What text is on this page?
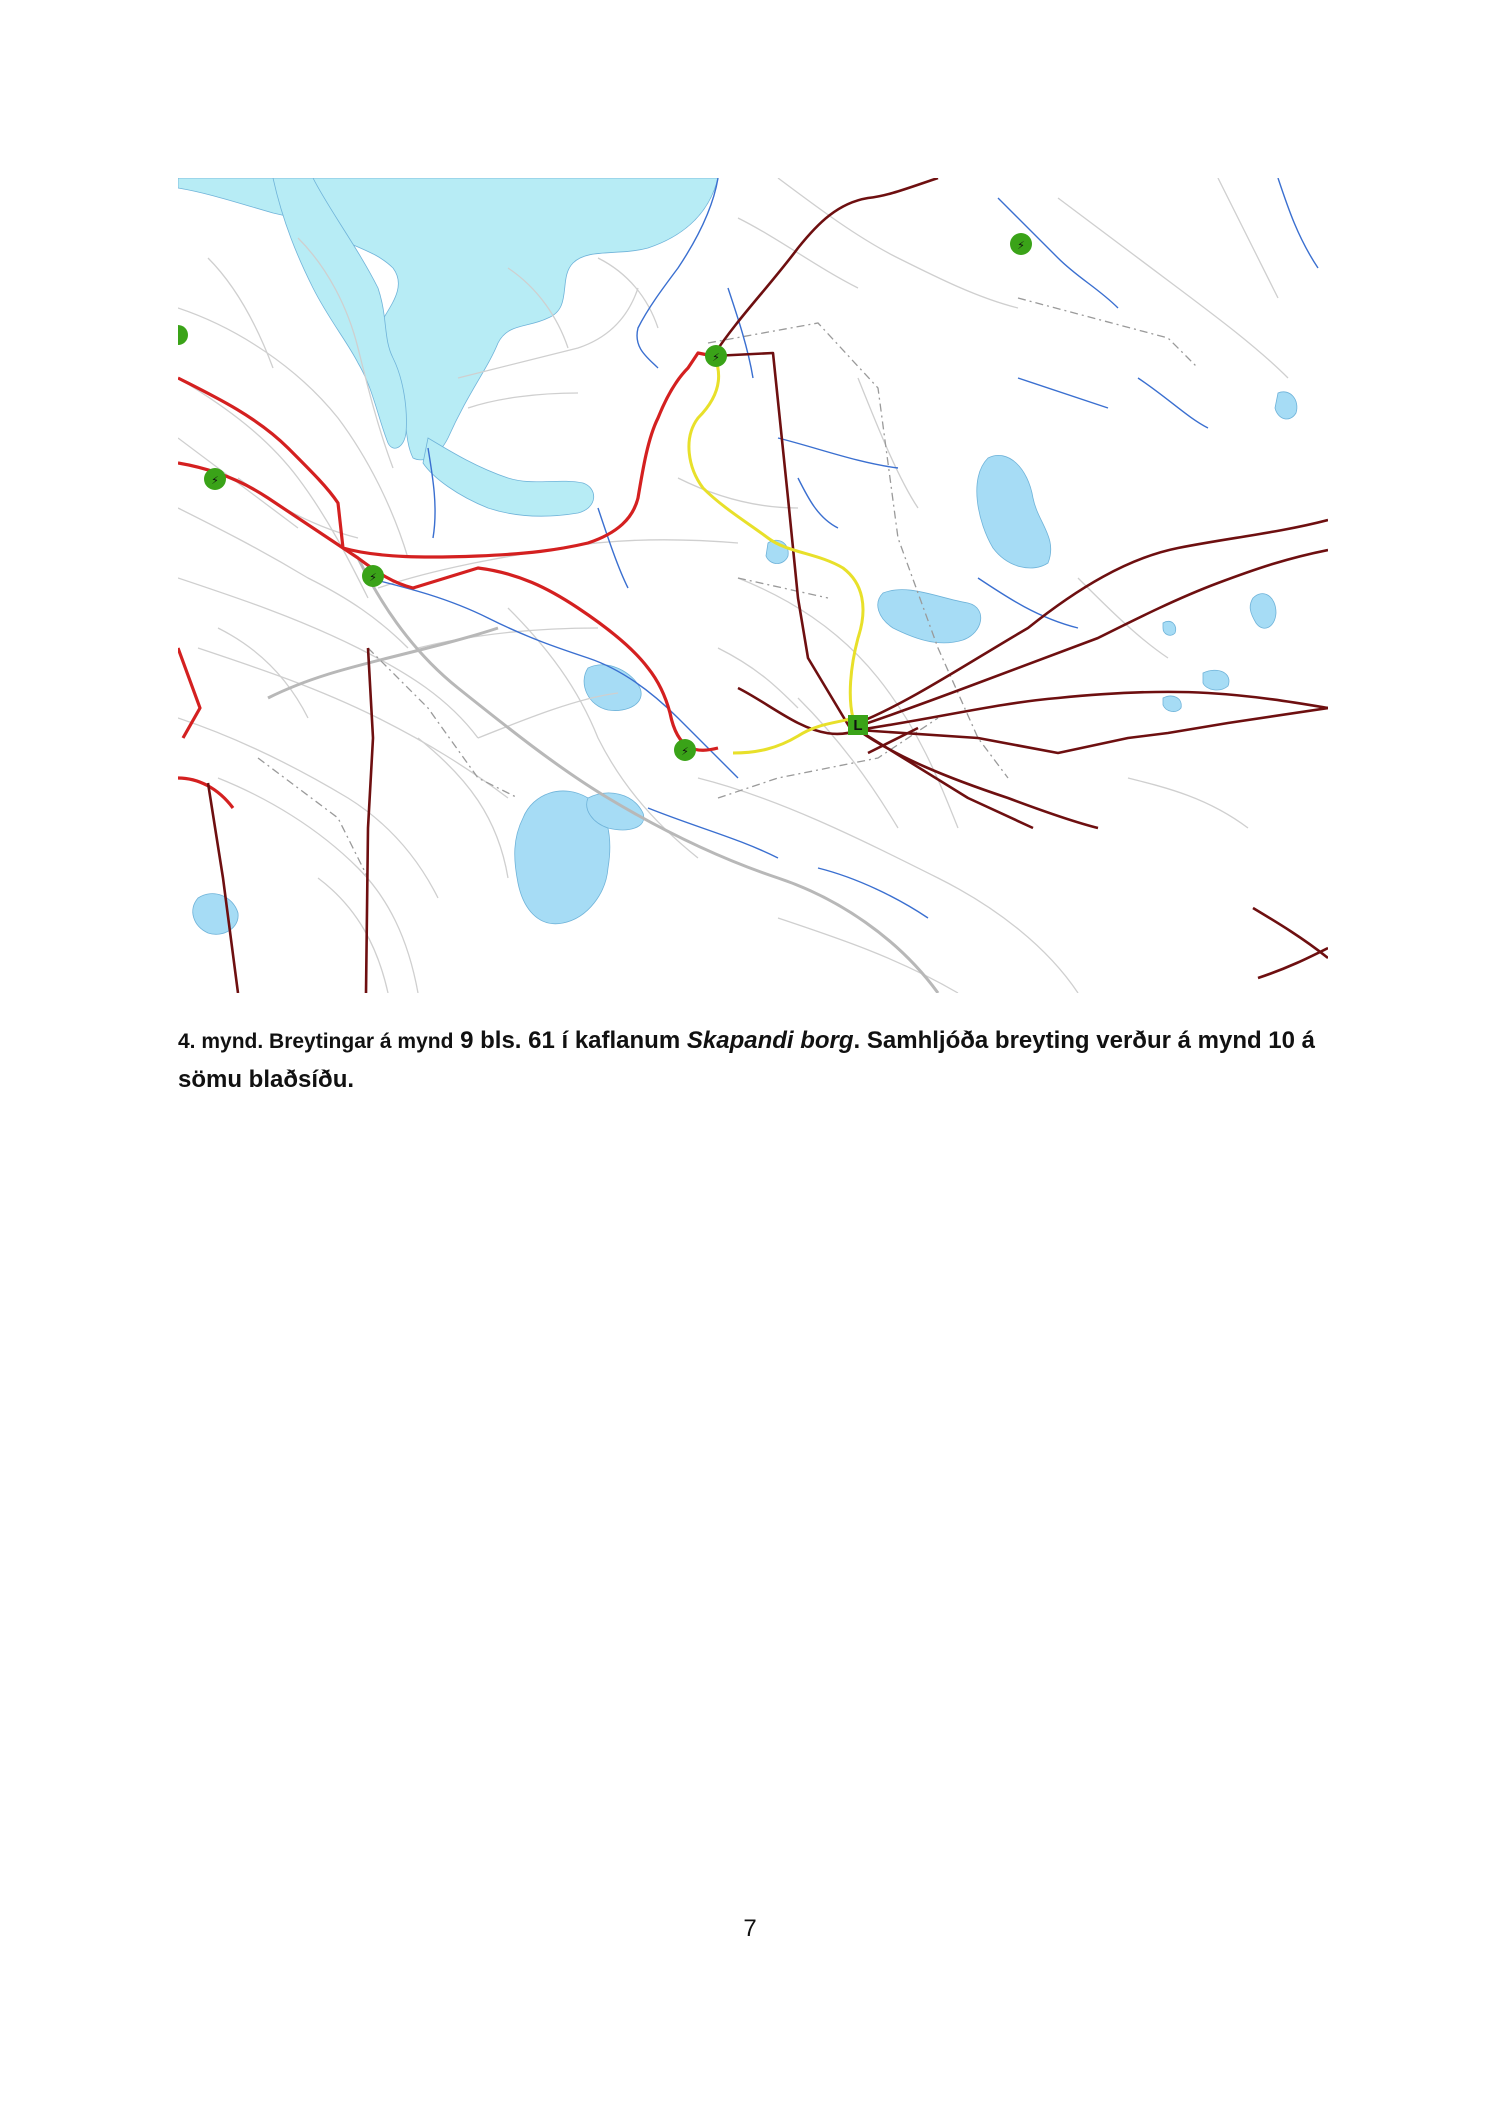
⚡
⚡
⚡
⚡
⚡
L
4. mynd. Breytingar á mynd 9 bls. 61 í kaflanum Skapandi borg. Samhljóða breyting verður á mynd 10 á sömu blaðsíðu.
7
